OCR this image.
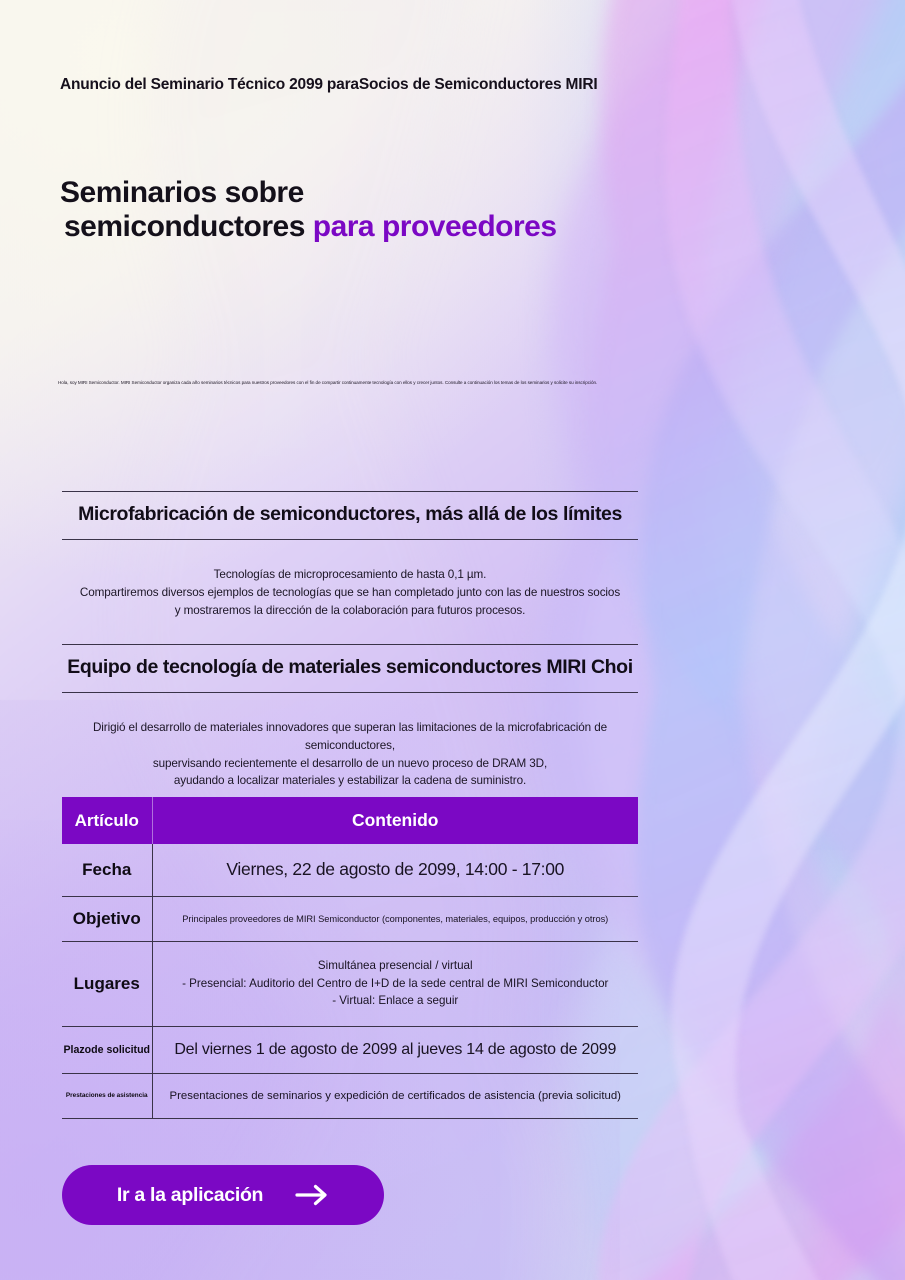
Anuncio del Seminario Técnico 2099 paraSocios de Semiconductores MIRI
Seminarios sobre
semiconductores para proveedores

Hola, soy MIRI Semiconductor. MIRI Semiconductor organiza cada año seminarios técnicos para nuestros proveedores con el fin de compartir continuamente tecnología con ellos y crecer juntos. Consulte a continuación los temas de los seminarios y solicite su inscripción.

Microfabricación de semiconductores, más allá de los límites
Tecnologías de microprocesamiento de hasta 0,1 µm.
Compartiremos diversos ejemplos de tecnologías que se han completado junto con las de nuestros socios
y mostraremos la dirección de la colaboración para futuros procesos.
Equipo de tecnología de materiales semiconductores MIRI Choi
Dirigió el desarrollo de materiales innovadores que superan las limitaciones de la microfabricación de semiconductores,
supervisando recientemente el desarrollo de un nuevo proceso de DRAM 3D,
ayudando a localizar materiales y estabilizar la cadena de suministro.
Artículo	Contenido
Fecha	Viernes, 22 de agosto de 2099, 14:00 - 17:00
Objetivo	Principales proveedores de MIRI Semiconductor (componentes, materiales, equipos, producción y otros)
Lugares	Simultánea presencial / virtual
- Presencial: Auditorio del Centro de I+D de la sede central de MIRI Semiconductor
- Virtual: Enlace a seguir

Plazode solicitud	Del viernes 1 de agosto de 2099 al jueves 14 de agosto de 2099
Prestaciones de asistencia	Presentaciones de seminarios y expedición de certificados de asistencia (previa solicitud)
Ir a la aplicación
